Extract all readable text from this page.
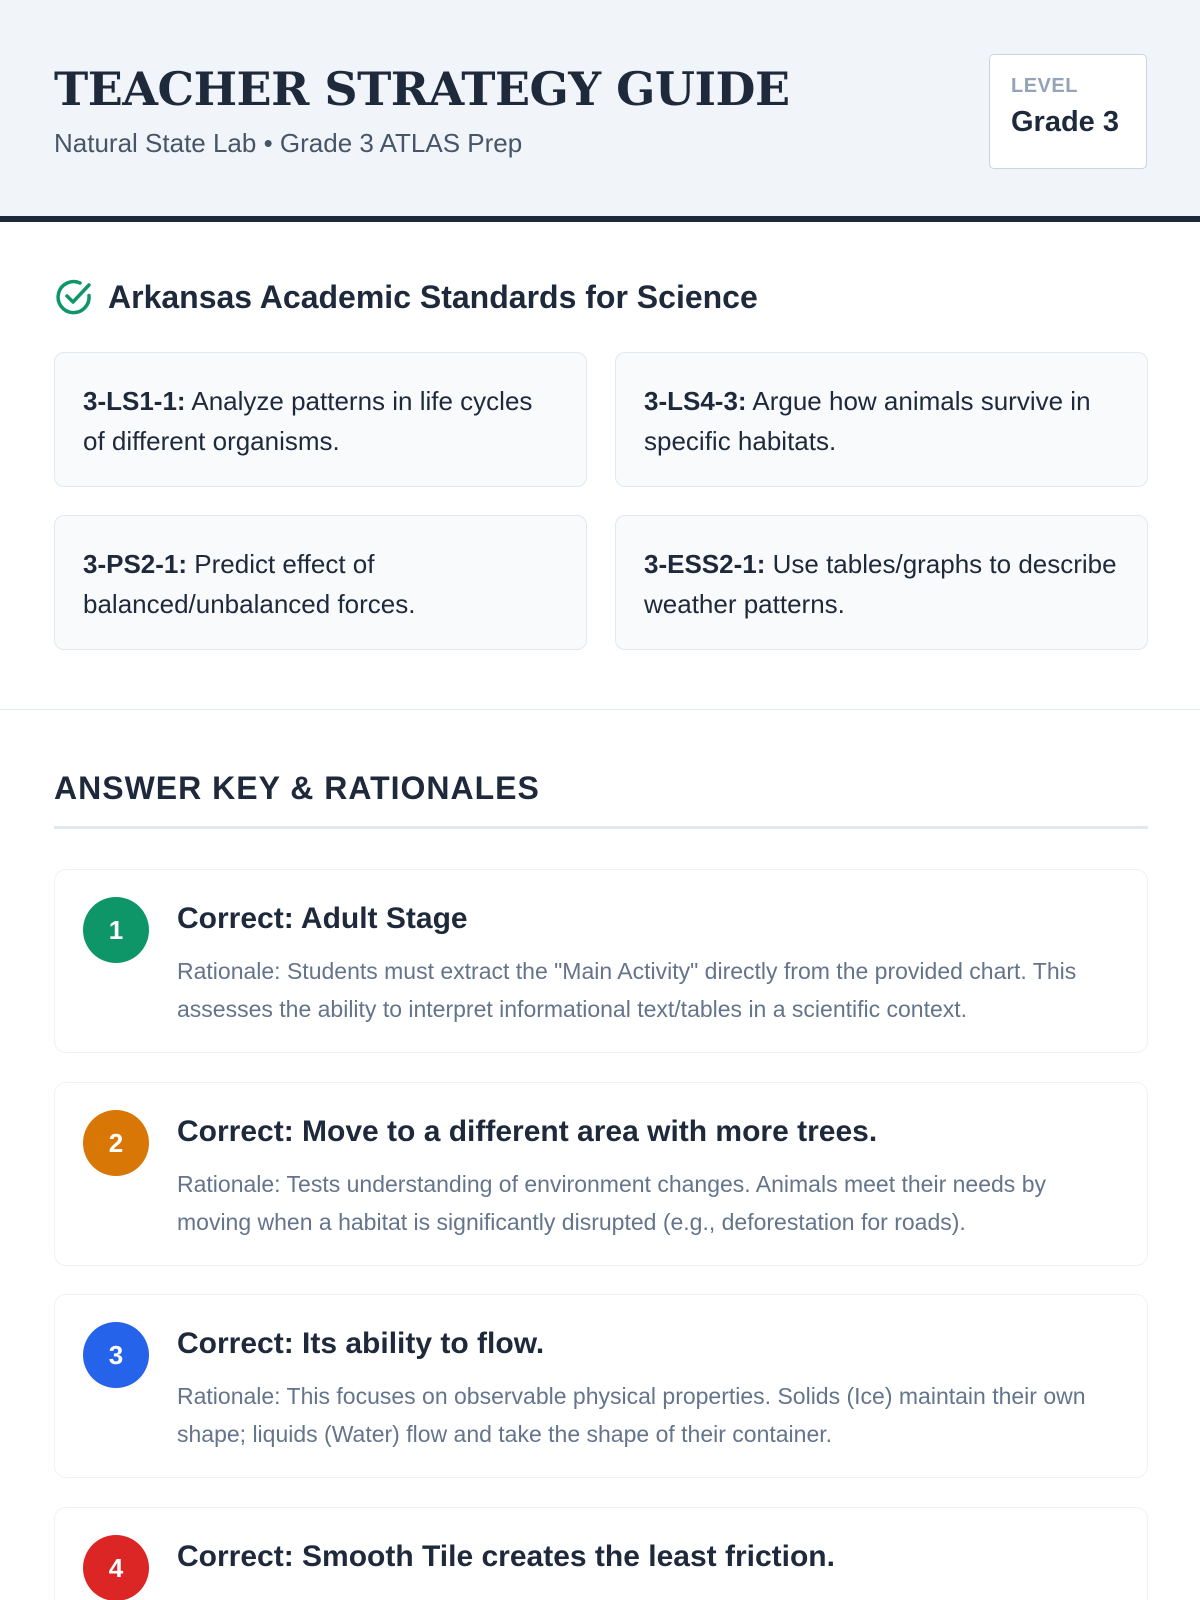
TEACHER STRATEGY GUIDE
Natural State Lab • Grade 3 ATLAS Prep
LEVEL
Grade 3
Arkansas Academic Standards for Science
3-LS1-1: Analyze patterns in life cycles of different organisms.
3-LS4-3: Argue how animals survive in specific habitats.
3-PS2-1: Predict effect of balanced/unbalanced forces.
3-ESS2-1: Use tables/graphs to describe weather patterns.
ANSWER KEY & RATIONALES
1	Correct: Adult Stage
Rationale: Students must extract the "Main Activity" directly from the provided chart. This assesses the ability to interpret informational text/tables in a scientific context.
2	Correct: Move to a different area with more trees.
Rationale: Tests understanding of environment changes. Animals meet their needs by moving when a habitat is significantly disrupted (e.g., deforestation for roads).
3	Correct: Its ability to flow.
Rationale: This focuses on observable physical properties. Solids (Ice) maintain their own shape; liquids (Water) flow and take the shape of their container.
4	Correct: Smooth Tile creates the least friction.
